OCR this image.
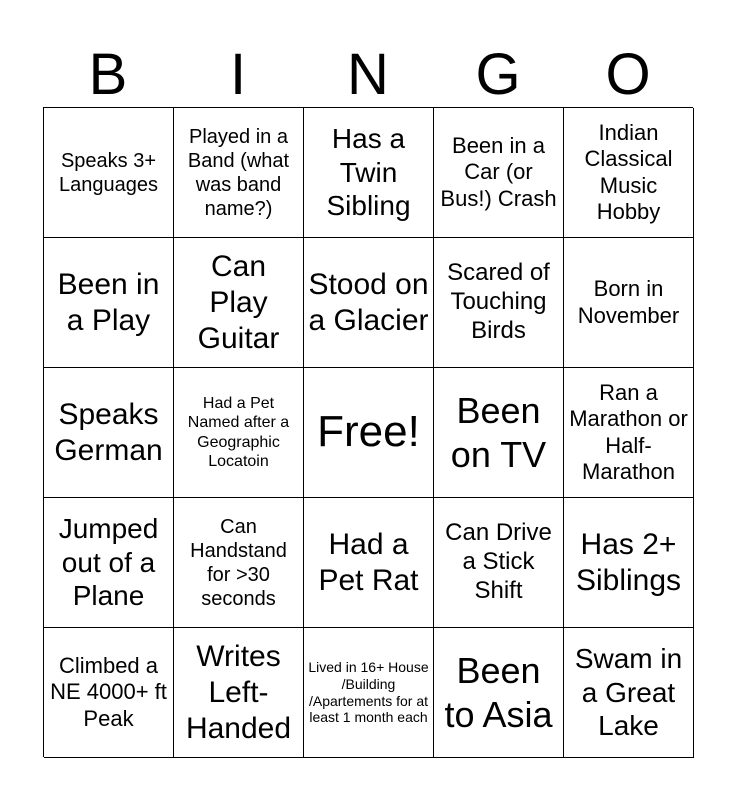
B	I	N	G	O
Speaks 3+ Languages
Played in a Band (what was band name?)
Has a Twin Sibling
Been in a Car (or Bus!) Crash
Indian Classical Music Hobby
Been in a Play
Can Play Guitar
Stood on a Glacier
Scared of Touching Birds
Born in November
Speaks German
Had a Pet Named after a Geographic Locatoin
Free!	Been on TV
Ran a Marathon or Half-Marathon
Jumped out of a Plane
Can Handstand for >30 seconds
Had a Pet Rat
Can Drive a Stick Shift
Has 2+ Siblings
Climbed a NE 4000+ ft Peak
Writes Left-Handed
Lived in 16+ House /Building /Apartements for at least 1 month each
Been to Asia
Swam in a Great Lake
